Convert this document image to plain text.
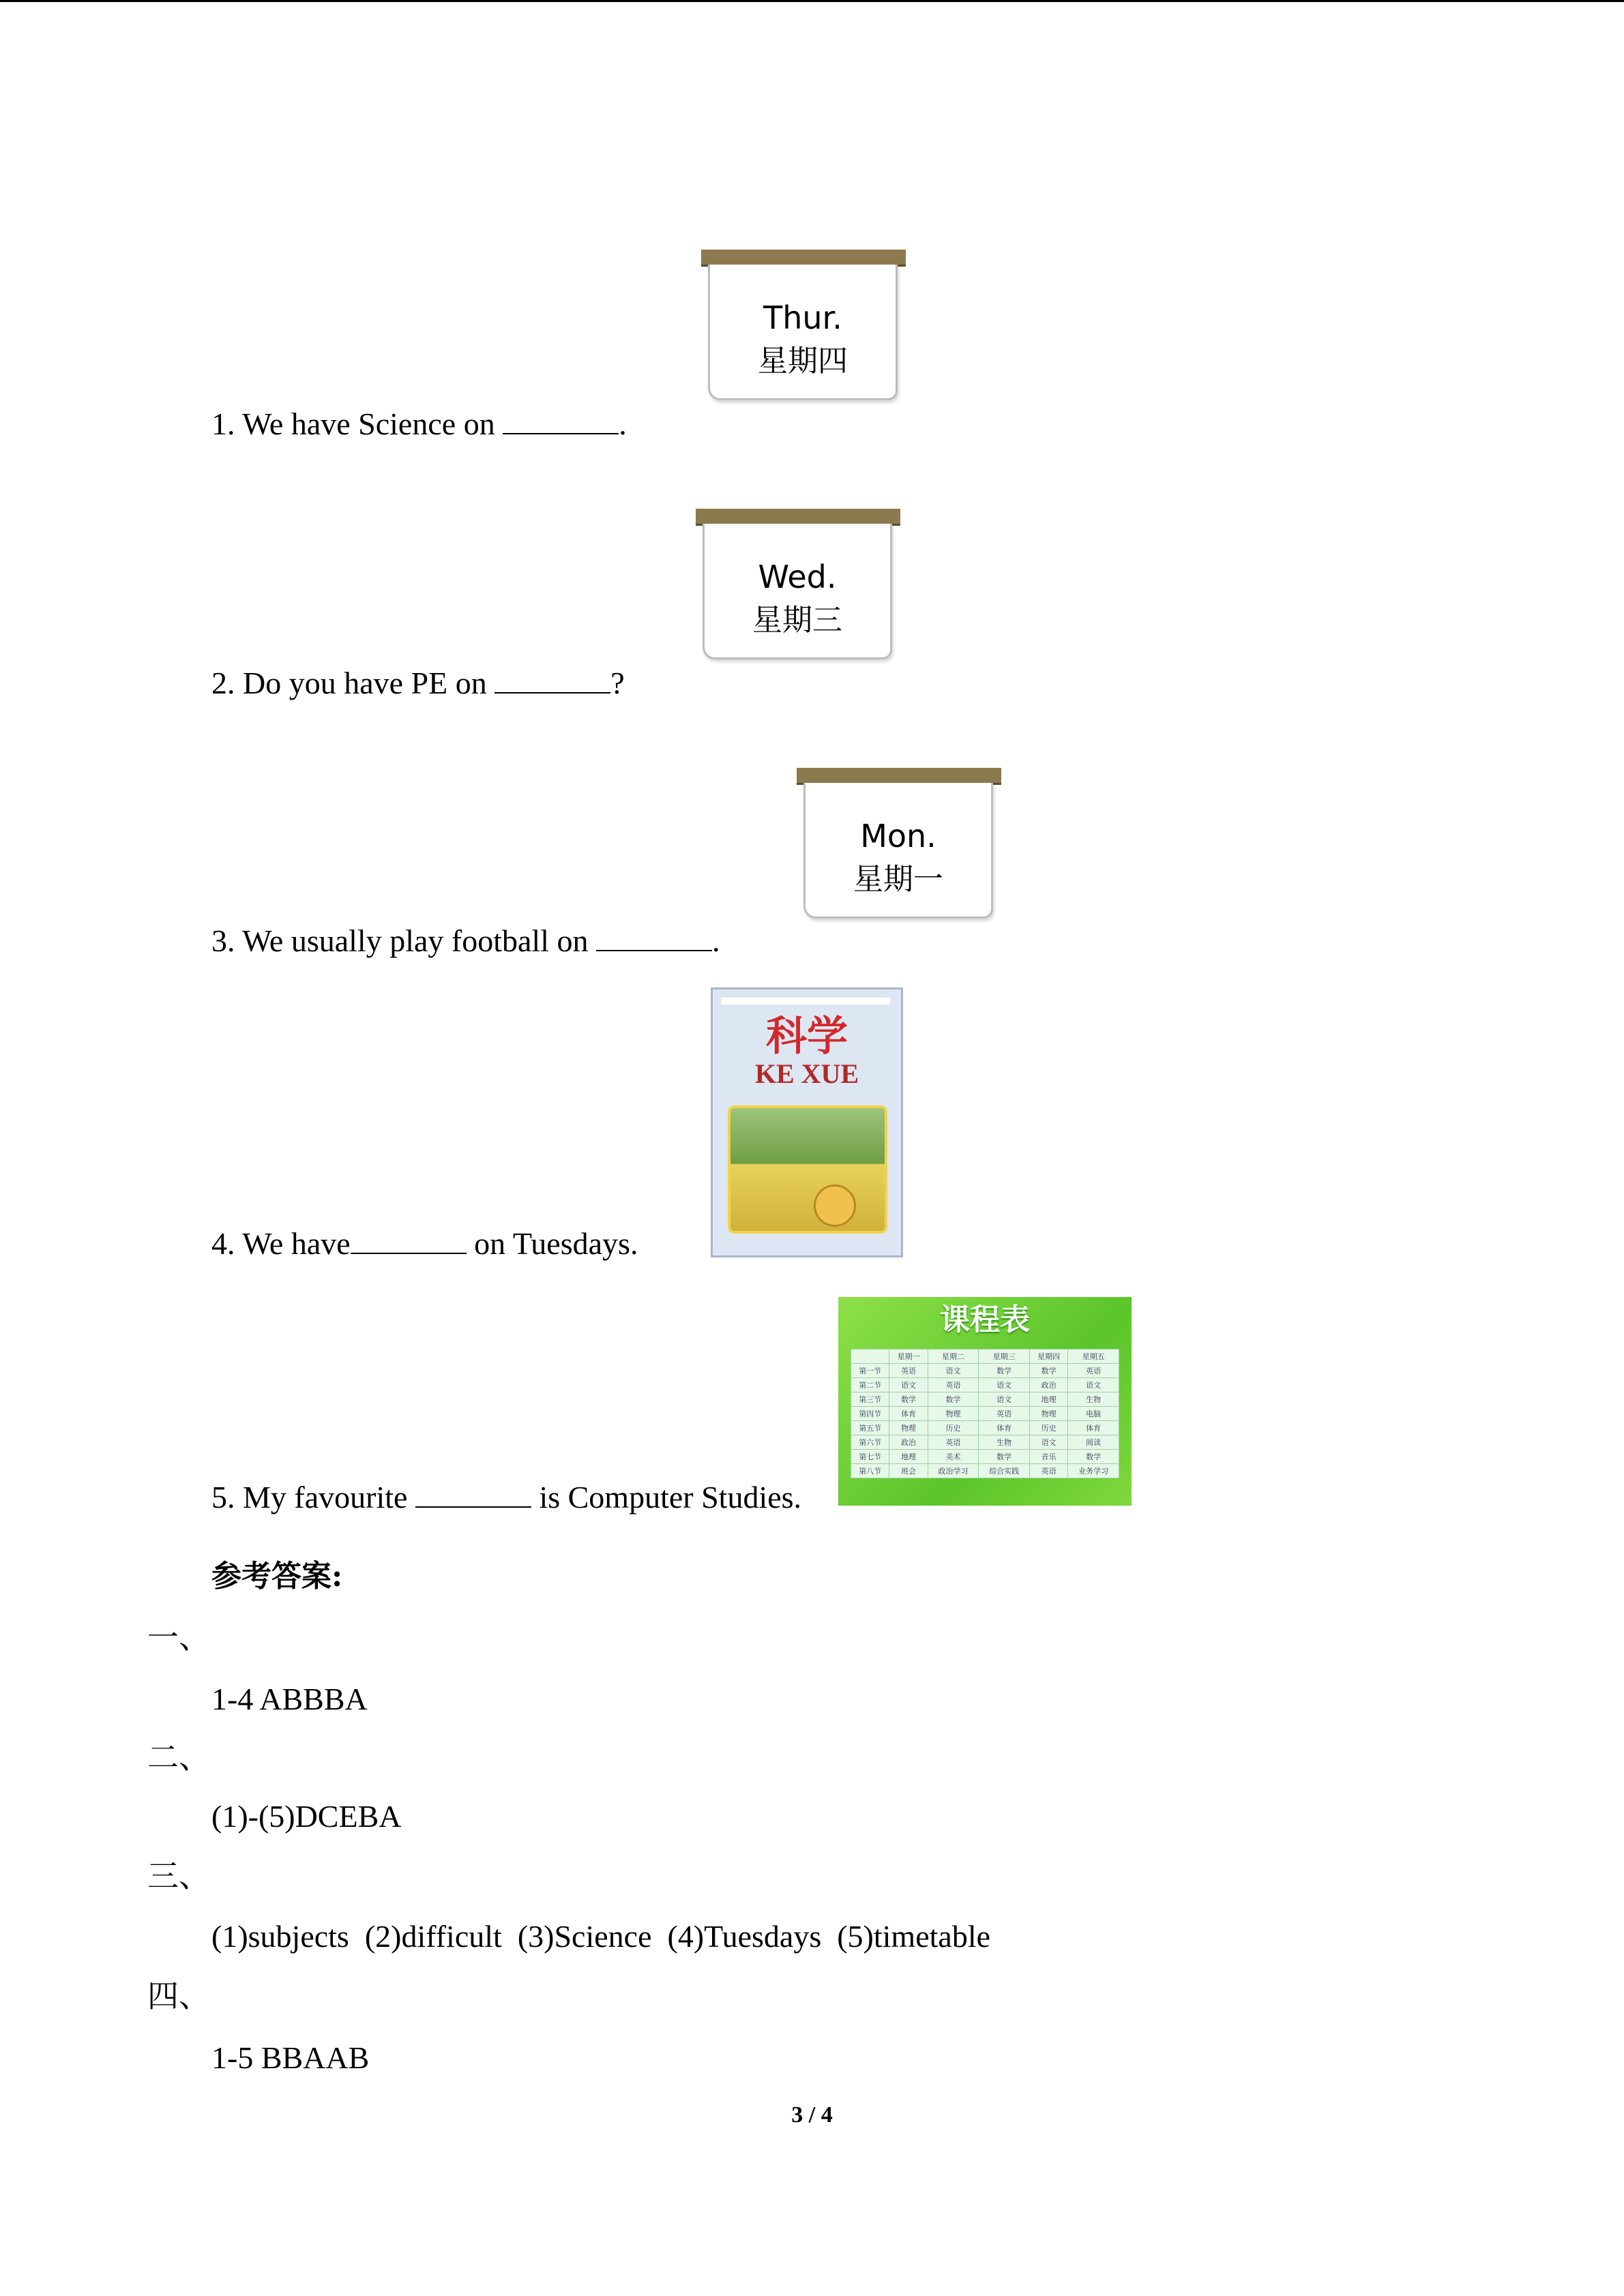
Thur.
星期四
1. We have Science on	.
Wed.
星期三
2. Do you have PE on	?
Mon.
星期一
3. We usually play football on	.
科学
KE XUE
4. We have	on Tuesdays.
课程表
	星期一	星期二	星期三	星期四	星期五
第一节	英语	语文	数学	数学	英语
第二节	语文	英语	语文	政治	语文
第三节	数学	数学	语文	地理	生物
第四节	体育	物理	英语	物理	电脑
第五节	物理	历史	体育	历史	体育
第六节	政治	英语	生物	语文	阅读
第七节	地理	美术	数学	音乐	数学
第八节	班会	政治学习	综合实践	英语	业务学习
5. My favourite	is Computer Studies.
参考答案:
一、
1-4 ABBBA
二、
(1)-(5)DCEBA
三、
(1)subjects  (2)difficult  (3)Science  (4)Tuesdays  (5)timetable
四、
1-5 BBAAB
3 / 4
